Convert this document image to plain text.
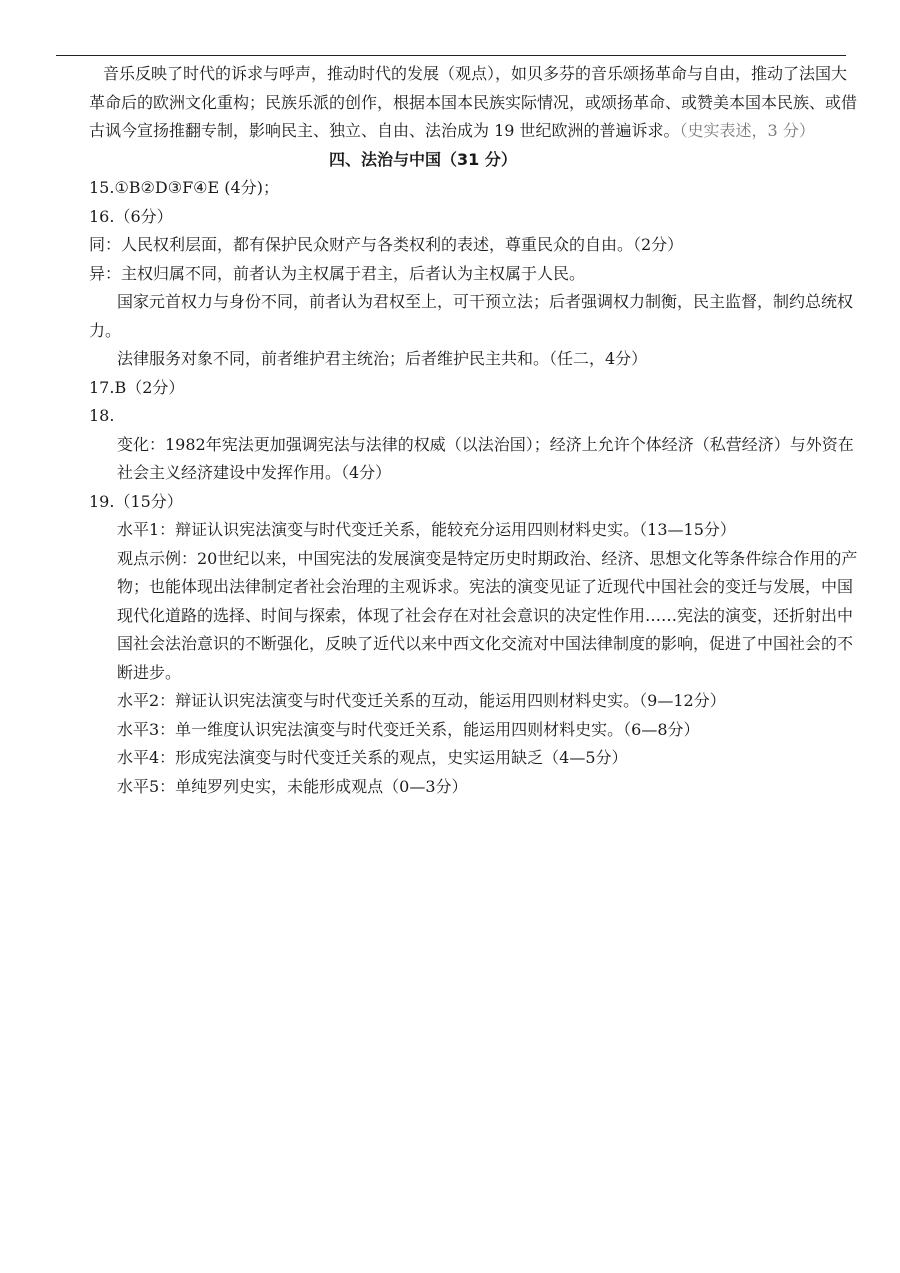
音乐反映了时代的诉求与呼声，推动时代的发展（观点），如贝多芬的音乐颂扬革命与自由，推动了法国大
革命后的欧洲文化重构；民族乐派的创作，根据本国本民族实际情况，或颂扬革命、或赞美本国本民族、或借
古讽今宣扬推翻专制，影响民主、独立、自由、法治成为 19 世纪欧洲的普遍诉求。（史实表述，3 分）
四、法治与中国（31 分）
15.①B②D③F④E (4分)；
16.（6分）
同：人民权利层面，都有保护民众财产与各类权利的表述，尊重民众的自由。（2分）
异：主权归属不同，前者认为主权属于君主，后者认为主权属于人民。
国家元首权力与身份不同，前者认为君权至上，可干预立法；后者强调权力制衡，民主监督，制约总统权
力。
法律服务对象不同，前者维护君主统治；后者维护民主共和。（任二，4分）
17.B（2分）
18.
变化：1982年宪法更加强调宪法与法律的权威（以法治国）；经济上允许个体经济（私营经济）与外资在
社会主义经济建设中发挥作用。（4分）
19.（15分）
水平1：辩证认识宪法演变与时代变迁关系，能较充分运用四则材料史实。（13—15分）
观点示例：20世纪以来，中国宪法的发展演变是特定历史时期政治、经济、思想文化等条件综合作用的产
物；也能体现出法律制定者社会治理的主观诉求。宪法的演变见证了近现代中国社会的变迁与发展，中国
现代化道路的选择、时间与探索，体现了社会存在对社会意识的决定性作用……宪法的演变，还折射出中
国社会法治意识的不断强化，反映了近代以来中西文化交流对中国法律制度的影响，促进了中国社会的不
断进步。
水平2：辩证认识宪法演变与时代变迁关系的互动，能运用四则材料史实。（9—12分）
水平3：单一维度认识宪法演变与时代变迁关系，能运用四则材料史实。（6—8分）
水平4：形成宪法演变与时代变迁关系的观点，史实运用缺乏（4—5分）
水平5：单纯罗列史实，未能形成观点（0—3分）
